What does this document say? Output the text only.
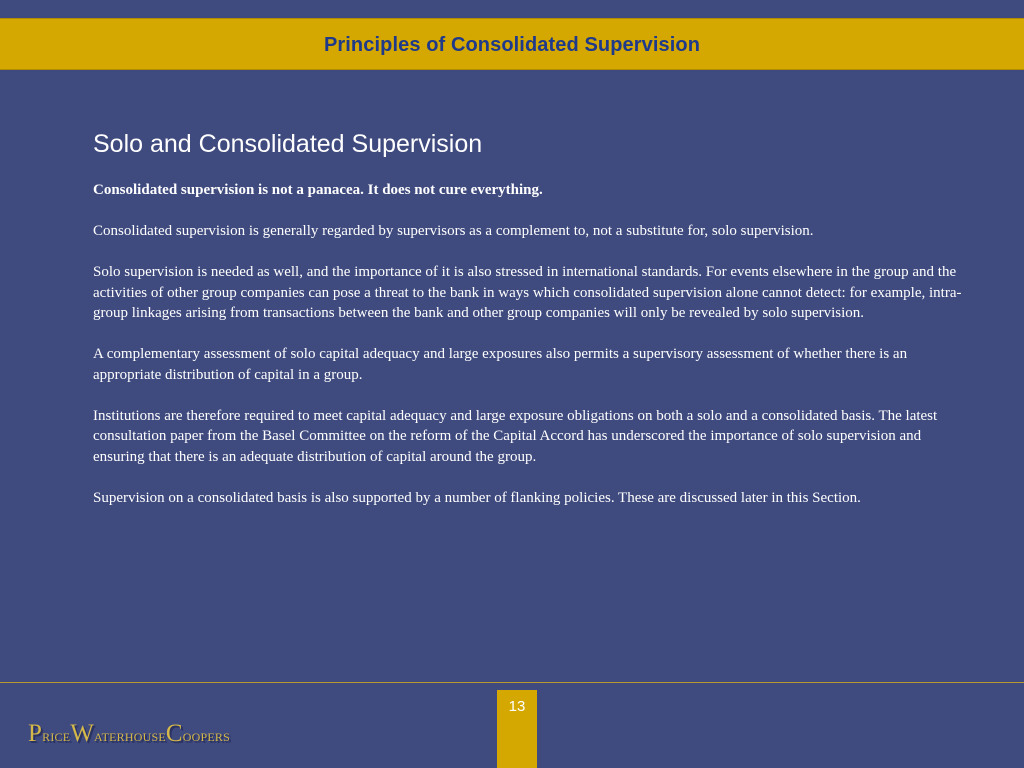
Principles of Consolidated Supervision
Solo and Consolidated Supervision

Consolidated supervision is not a panacea. It does not cure everything.

Consolidated supervision is generally regarded by supervisors as a complement to, not a substitute for, solo supervision.

Solo supervision is needed as well, and the importance of it is also stressed in international standards. For events elsewhere in the group and the activities of other group companies can pose a threat to the bank in ways which consolidated supervision alone cannot detect: for example, intra-group linkages arising from transactions between the bank and other group companies will only be revealed by solo supervision.

A complementary assessment of solo capital adequacy and large exposures also permits a supervisory assessment of whether there is an appropriate distribution of capital in a group.

Institutions are therefore required to meet capital adequacy and large exposure obligations on both a solo and a consolidated basis. The latest consultation paper from the Basel Committee on the reform of the Capital Accord has underscored the importance of solo supervision and ensuring that there is an adequate distribution of capital around the group.

Supervision on a consolidated basis is also supported by a number of flanking policies. These are discussed later in this Section.

13
PriceWaterhouseCoopers
